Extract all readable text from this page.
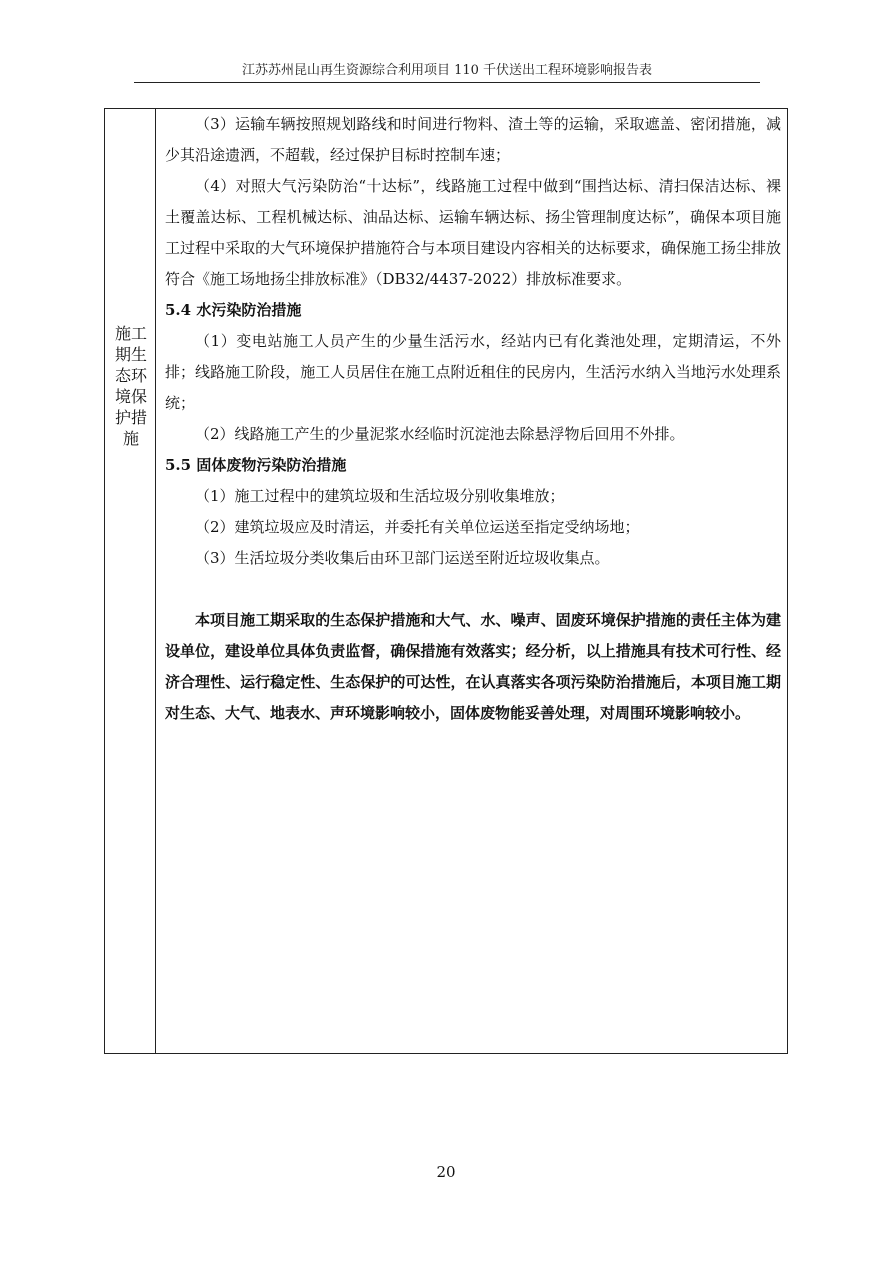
江苏苏州昆山再生资源综合利用项目 110 千伏送出工程环境影响报告表
施工期生态环境保护措施

（3）运输车辆按照规划路线和时间进行物料、渣土等的运输，采取遮盖、密闭措施，减少其沿途遗洒，不超载，经过保护目标时控制车速；

（4）对照大气污染防治“十达标”，线路施工过程中做到“围挡达标、清扫保洁达标、裸土覆盖达标、工程机械达标、油品达标、运输车辆达标、扬尘管理制度达标”，确保本项目施工过程中采取的大气环境保护措施符合与本项目建设内容相关的达标要求，确保施工扬尘排放符合《施工场地扬尘排放标准》（DB32/4437-2022）排放标准要求。

5.4 水污染防治措施

（1）变电站施工人员产生的少量生活污水，经站内已有化粪池处理，定期清运，不外排；线路施工阶段，施工人员居住在施工点附近租住的民房内，生活污水纳入当地污水处理系统；

（2）线路施工产生的少量泥浆水经临时沉淀池去除悬浮物后回用不外排。

5.5 固体废物污染防治措施

（1）施工过程中的建筑垃圾和生活垃圾分别收集堆放；

（2）建筑垃圾应及时清运，并委托有关单位运送至指定受纳场地；

（3）生活垃圾分类收集后由环卫部门运送至附近垃圾收集点。

本项目施工期采取的生态保护措施和大气、水、噪声、固废环境保护措施的责任主体为建设单位，建设单位具体负责监督，确保措施有效落实；经分析，以上措施具有技术可行性、经济合理性、运行稳定性、生态保护的可达性，在认真落实各项污染防治措施后，本项目施工期对生态、大气、地表水、声环境影响较小，固体废物能妥善处理，对周围环境影响较小。

20
